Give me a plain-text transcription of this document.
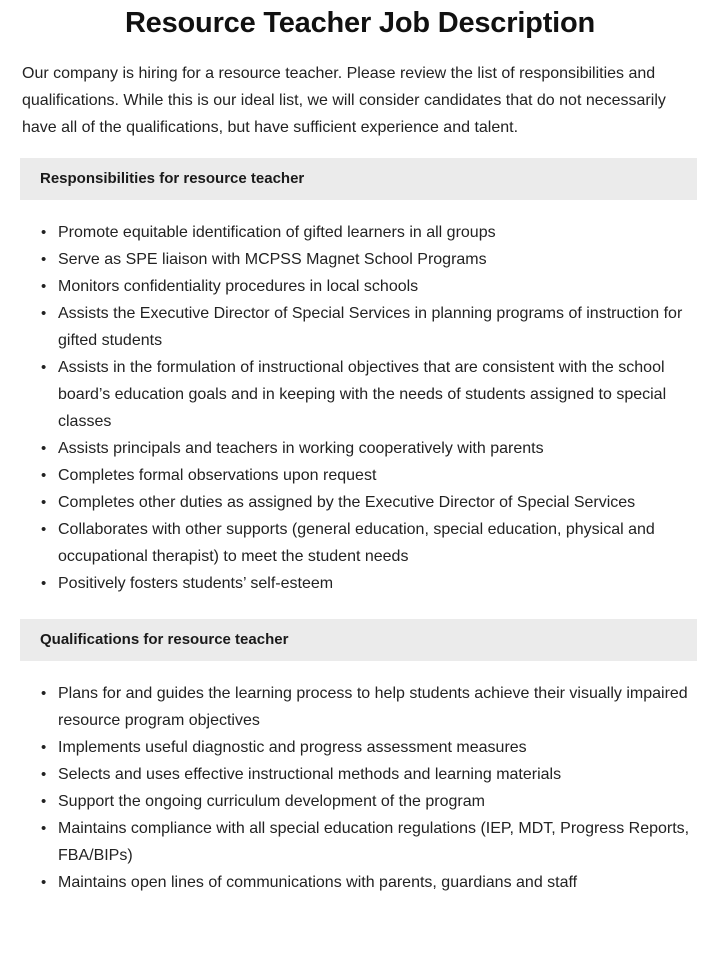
Resource Teacher Job Description

Our company is hiring for a resource teacher. Please review the list of responsibilities and qualifications. While this is our ideal list, we will consider candidates that do not necessarily have all of the qualifications, but have sufficient experience and talent.

Responsibilities for resource teacher
• Promote equitable identification of gifted learners in all groups
• Serve as SPE liaison with MCPSS Magnet School Programs
• Monitors confidentiality procedures in local schools
• Assists the Executive Director of Special Services in planning programs of instruction for gifted students
• Assists in the formulation of instructional objectives that are consistent with the school board’s education goals and in keeping with the needs of students assigned to special classes
• Assists principals and teachers in working cooperatively with parents
• Completes formal observations upon request
• Completes other duties as assigned by the Executive Director of Special Services
• Collaborates with other supports (general education, special education, physical and occupational therapist) to meet the student needs
• Positively fosters students’ self-esteem
Qualifications for resource teacher
• Plans for and guides the learning process to help students achieve their visually impaired resource program objectives
• Implements useful diagnostic and progress assessment measures
• Selects and uses effective instructional methods and learning materials
• Support the ongoing curriculum development of the program
• Maintains compliance with all special education regulations (IEP, MDT, Progress Reports, FBA/BIPs)
• Maintains open lines of communications with parents, guardians and staff
